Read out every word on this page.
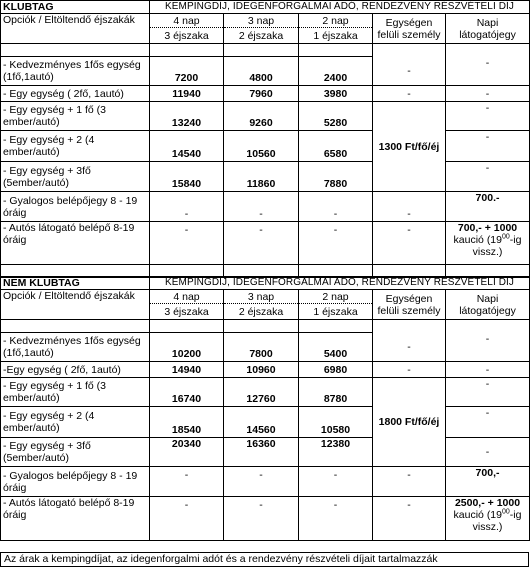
KLUBTAG	KEMPINGDÍJ, IDEGENFORGALMAI ADÓ, RENDEZVÉNY RÉSZVÉTELI DÍJ				
Opciók / Eltöltendő éjszakák	4 nap	3 nap	2 nap	Egységen felüli személy	Napi látogatójegy
	3 éjszaka	2 éjszaka	1 éjszaka		

- Kedvezményes 1fős egység (1fő,1autó)	7200	4800	2400	-	-
- Egy egység ( 2fő, 1autó)	11940	7960	3980	-	-
- Egy egység + 1 fő (3 ember/autó)	13240	9260	5280	1300 Ft/fő/éj	-
- Egy egység + 2 (4 ember/autó)	14540	10560	6580		-
- Egy egység + 3fő (5ember/autó)	15840	11860	7880		-
- Gyalogos belépőjegy 8 - 19 óráig	-	-	-	-	700.-
- Autós látogató belépő 8-19 óráig	-	-	-	-	700,- + 1000
kaució ($19^{00}-ig$
vissz.)

NEM KLUBTAG	KEMPINGDÍJ, IDEGENFORGALMAI ADÓ, RENDEZVÉNY RÉSZVÉTELI DÍJ				
Opciók / Eltöltendő éjszakák	4 nap	3 nap	2 nap	Egységen felüli személy	Napi látogatójegy
	3 éjszaka	2 éjszaka	1 éjszaka		

- Kedvezményes 1fős egység (1fő,1autó)	10200	7800	5400	-	-
-Egy egység ( 2fő, 1autó)	14940	10960	6980	-	-
- Egy egység + 1 fő (3 ember/autó)	16740	12760	8780	1800 Ft/fő/éj	-
- Egy egység + 2 (4 ember/autó)	18540	14560	10580		-
- Egy egység + 3fő (5ember/autó)	20340	16360	12380		-
- Gyalogos belépőjegy 8 - 19 óráig	-	-	-	-	700,-
- Autós látogató belépő 8-19 óráig	-	-	-	-	2500,- + 1000
kaució ($19^{00}-ig$
vissz.)
Az árak a kempingdíjat, az idegenforgalmi adót és a rendezvény részvételi díjait tartalmazzák
